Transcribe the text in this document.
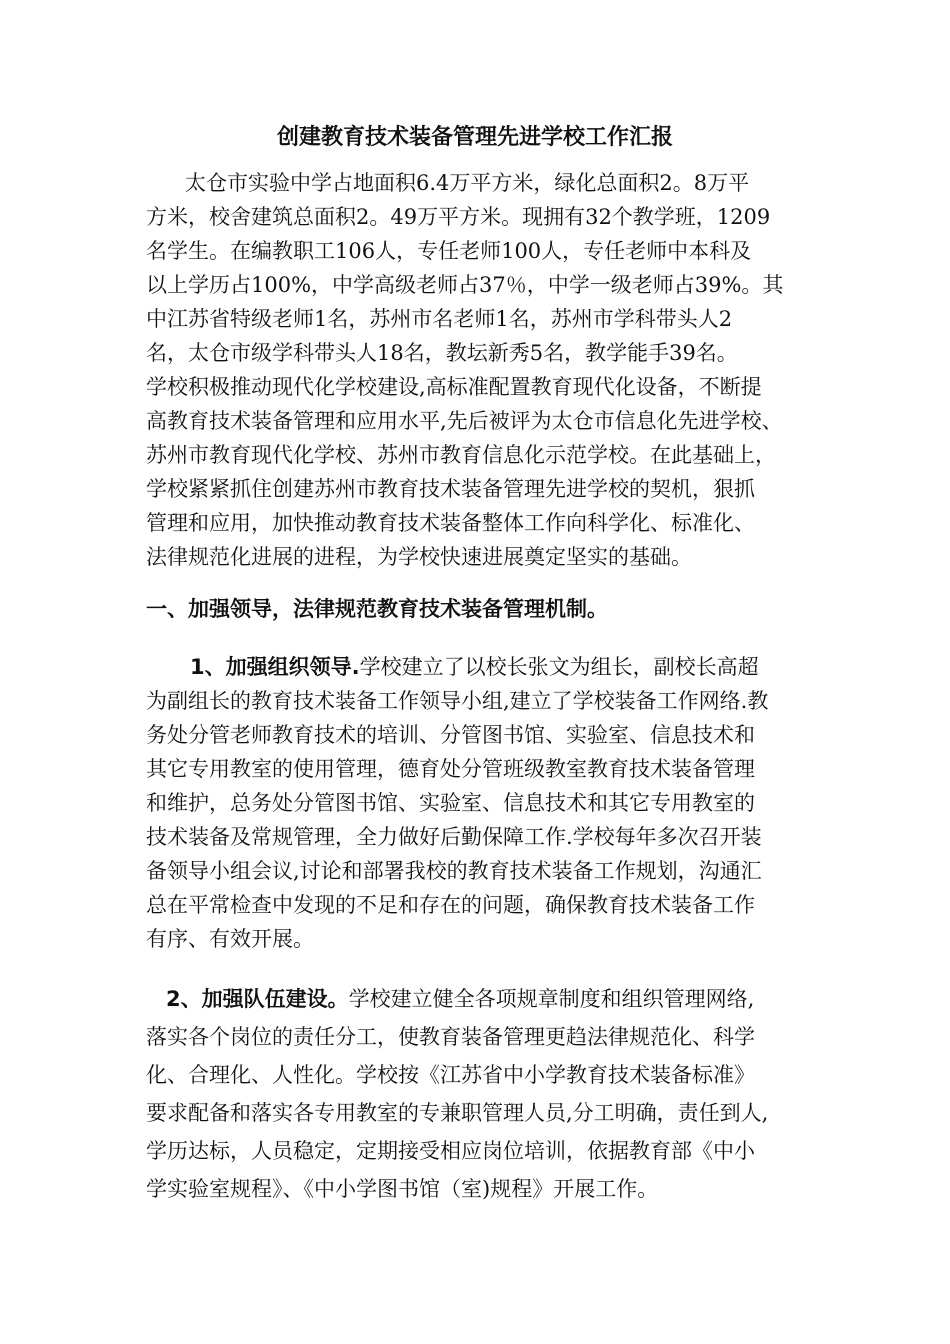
创建教育技术装备管理先进学校工作汇报
太仓市实验中学占地面积6.4万平方米，绿化总面积2。8万平
方米，校舍建筑总面积2。49万平方米。现拥有32个教学班，1209
名学生。在编教职工106人，专任老师100人，专任老师中本科及
以上学历占100%，中学高级老师占37％，中学一级老师占39%。其
中江苏省特级老师1名，苏州市名老师1名，苏州市学科带头人2
名，太仓市级学科带头人18名，教坛新秀5名，教学能手39名。
学校积极推动现代化学校建设,高标准配置教育现代化设备，不断提
高教育技术装备管理和应用水平,先后被评为太仓市信息化先进学校、
苏州市教育现代化学校、苏州市教育信息化示范学校。在此基础上，
学校紧紧抓住创建苏州市教育技术装备管理先进学校的契机，狠抓
管理和应用，加快推动教育技术装备整体工作向科学化、标准化、
法律规范化进展的进程，为学校快速进展奠定坚实的基础。
一、加强领导，法律规范教育技术装备管理机制。
1、加强组织领导.学校建立了以校长张文为组长，副校长高超
为副组长的教育技术装备工作领导小组,建立了学校装备工作网络.教
务处分管老师教育技术的培训、分管图书馆、实验室、信息技术和
其它专用教室的使用管理，德育处分管班级教室教育技术装备管理
和维护，总务处分管图书馆、实验室、信息技术和其它专用教室的
技术装备及常规管理，全力做好后勤保障工作.学校每年多次召开装
备领导小组会议,讨论和部署我校的教育技术装备工作规划，沟通汇
总在平常检查中发现的不足和存在的问题，确保教育技术装备工作
有序、有效开展。
2、加强队伍建设。学校建立健全各项规章制度和组织管理网络,
落实各个岗位的责任分工，使教育装备管理更趋法律规范化、科学
化、合理化、人性化。学校按《江苏省中小学教育技术装备标准》
要求配备和落实各专用教室的专兼职管理人员,分工明确，责任到人,
学历达标，人员稳定，定期接受相应岗位培训，依据教育部《中小
学实验室规程》、《中小学图书馆（室)规程》开展工作。
